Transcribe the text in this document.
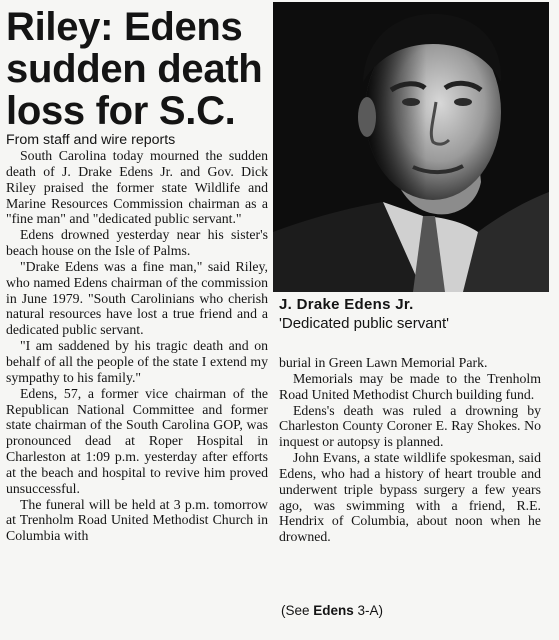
Riley: Edens sudden death loss for S.C.
From staff and wire reports

South Carolina today mourned the sudden death of J. Drake Edens Jr. and Gov. Dick Riley praised the former state Wildlife and Marine Resources Commission chairman as a "fine man" and "dedicated public servant."

Edens drowned yesterday near his sister's beach house on the Isle of Palms.

"Drake Edens was a fine man," said Riley, who named Edens chairman of the commission in June 1979. "South Carolinians who cherish natural resources have lost a true friend and a dedicated public servant.

"I am saddened by his tragic death and on behalf of all the people of the state I extend my sympathy to his family."

Edens, 57, a former vice chairman of the Republican National Committee and former state chairman of the South Carolina GOP, was pronounced dead at Roper Hospital in Charleston at 1:09 p.m. yesterday after efforts at the beach and hospital to revive him proved unsuccessful.

The funeral will be held at 3 p.m. tomorrow at Trenholm Road United Methodist Church in Columbia with

J. Drake Edens Jr.
'Dedicated public servant'

burial in Green Lawn Memorial Park.

Memorials may be made to the Trenholm Road United Methodist Church building fund.

Edens's death was ruled a drowning by Charleston County Coroner E. Ray Shokes. No inquest or autopsy is planned.

John Evans, a state wildlife spokesman, said Edens, who had a history of heart trouble and underwent triple bypass surgery a few years ago, was swimming with a friend, R.E. Hendrix of Columbia, about noon when he drowned.

(See Edens 3-A)
